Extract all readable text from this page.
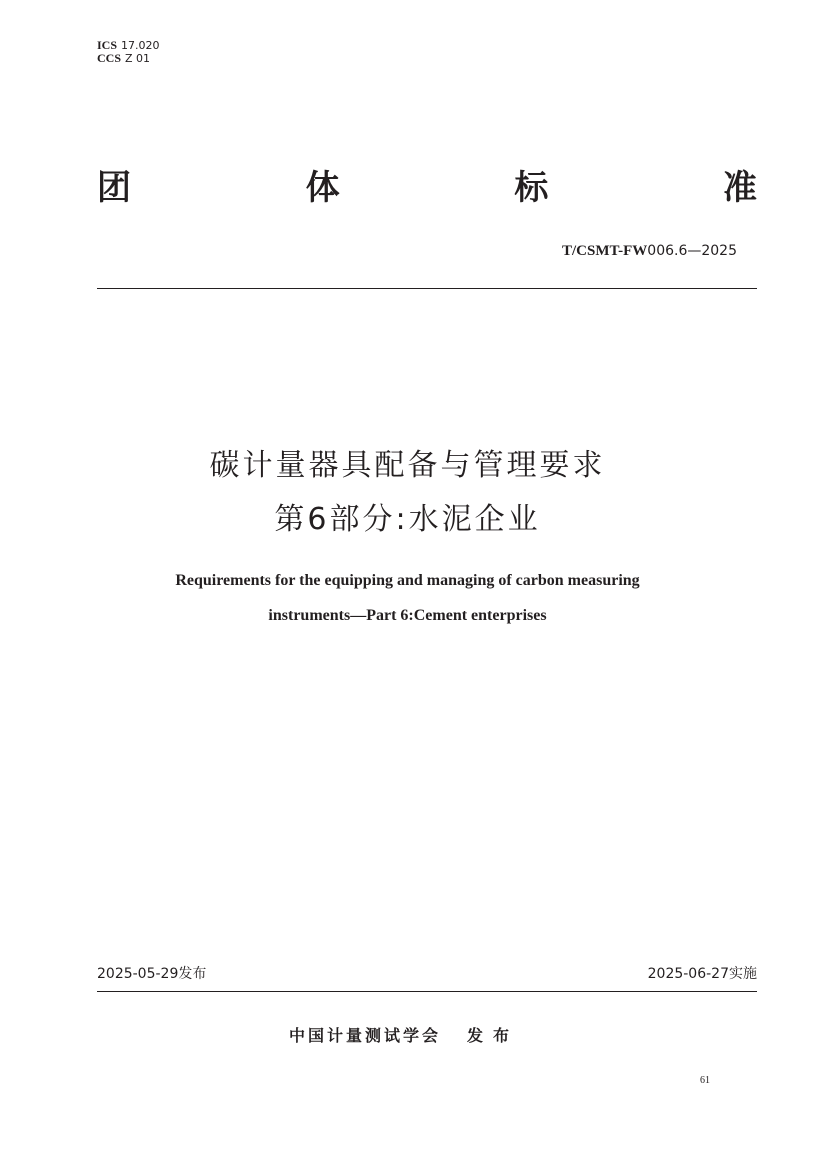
ICS 17.020
CCS Z 01
团	体	标	准
T/CSMT-FW006.6—2025
碳计量器具配备与管理要求
第6部分:水泥企业
Requirements for the equipping and managing of carbon measuring
instruments—Part 6:Cement enterprises
2025-05-29发布	2025-06-27实施
中国计量测试学会 发布
61
